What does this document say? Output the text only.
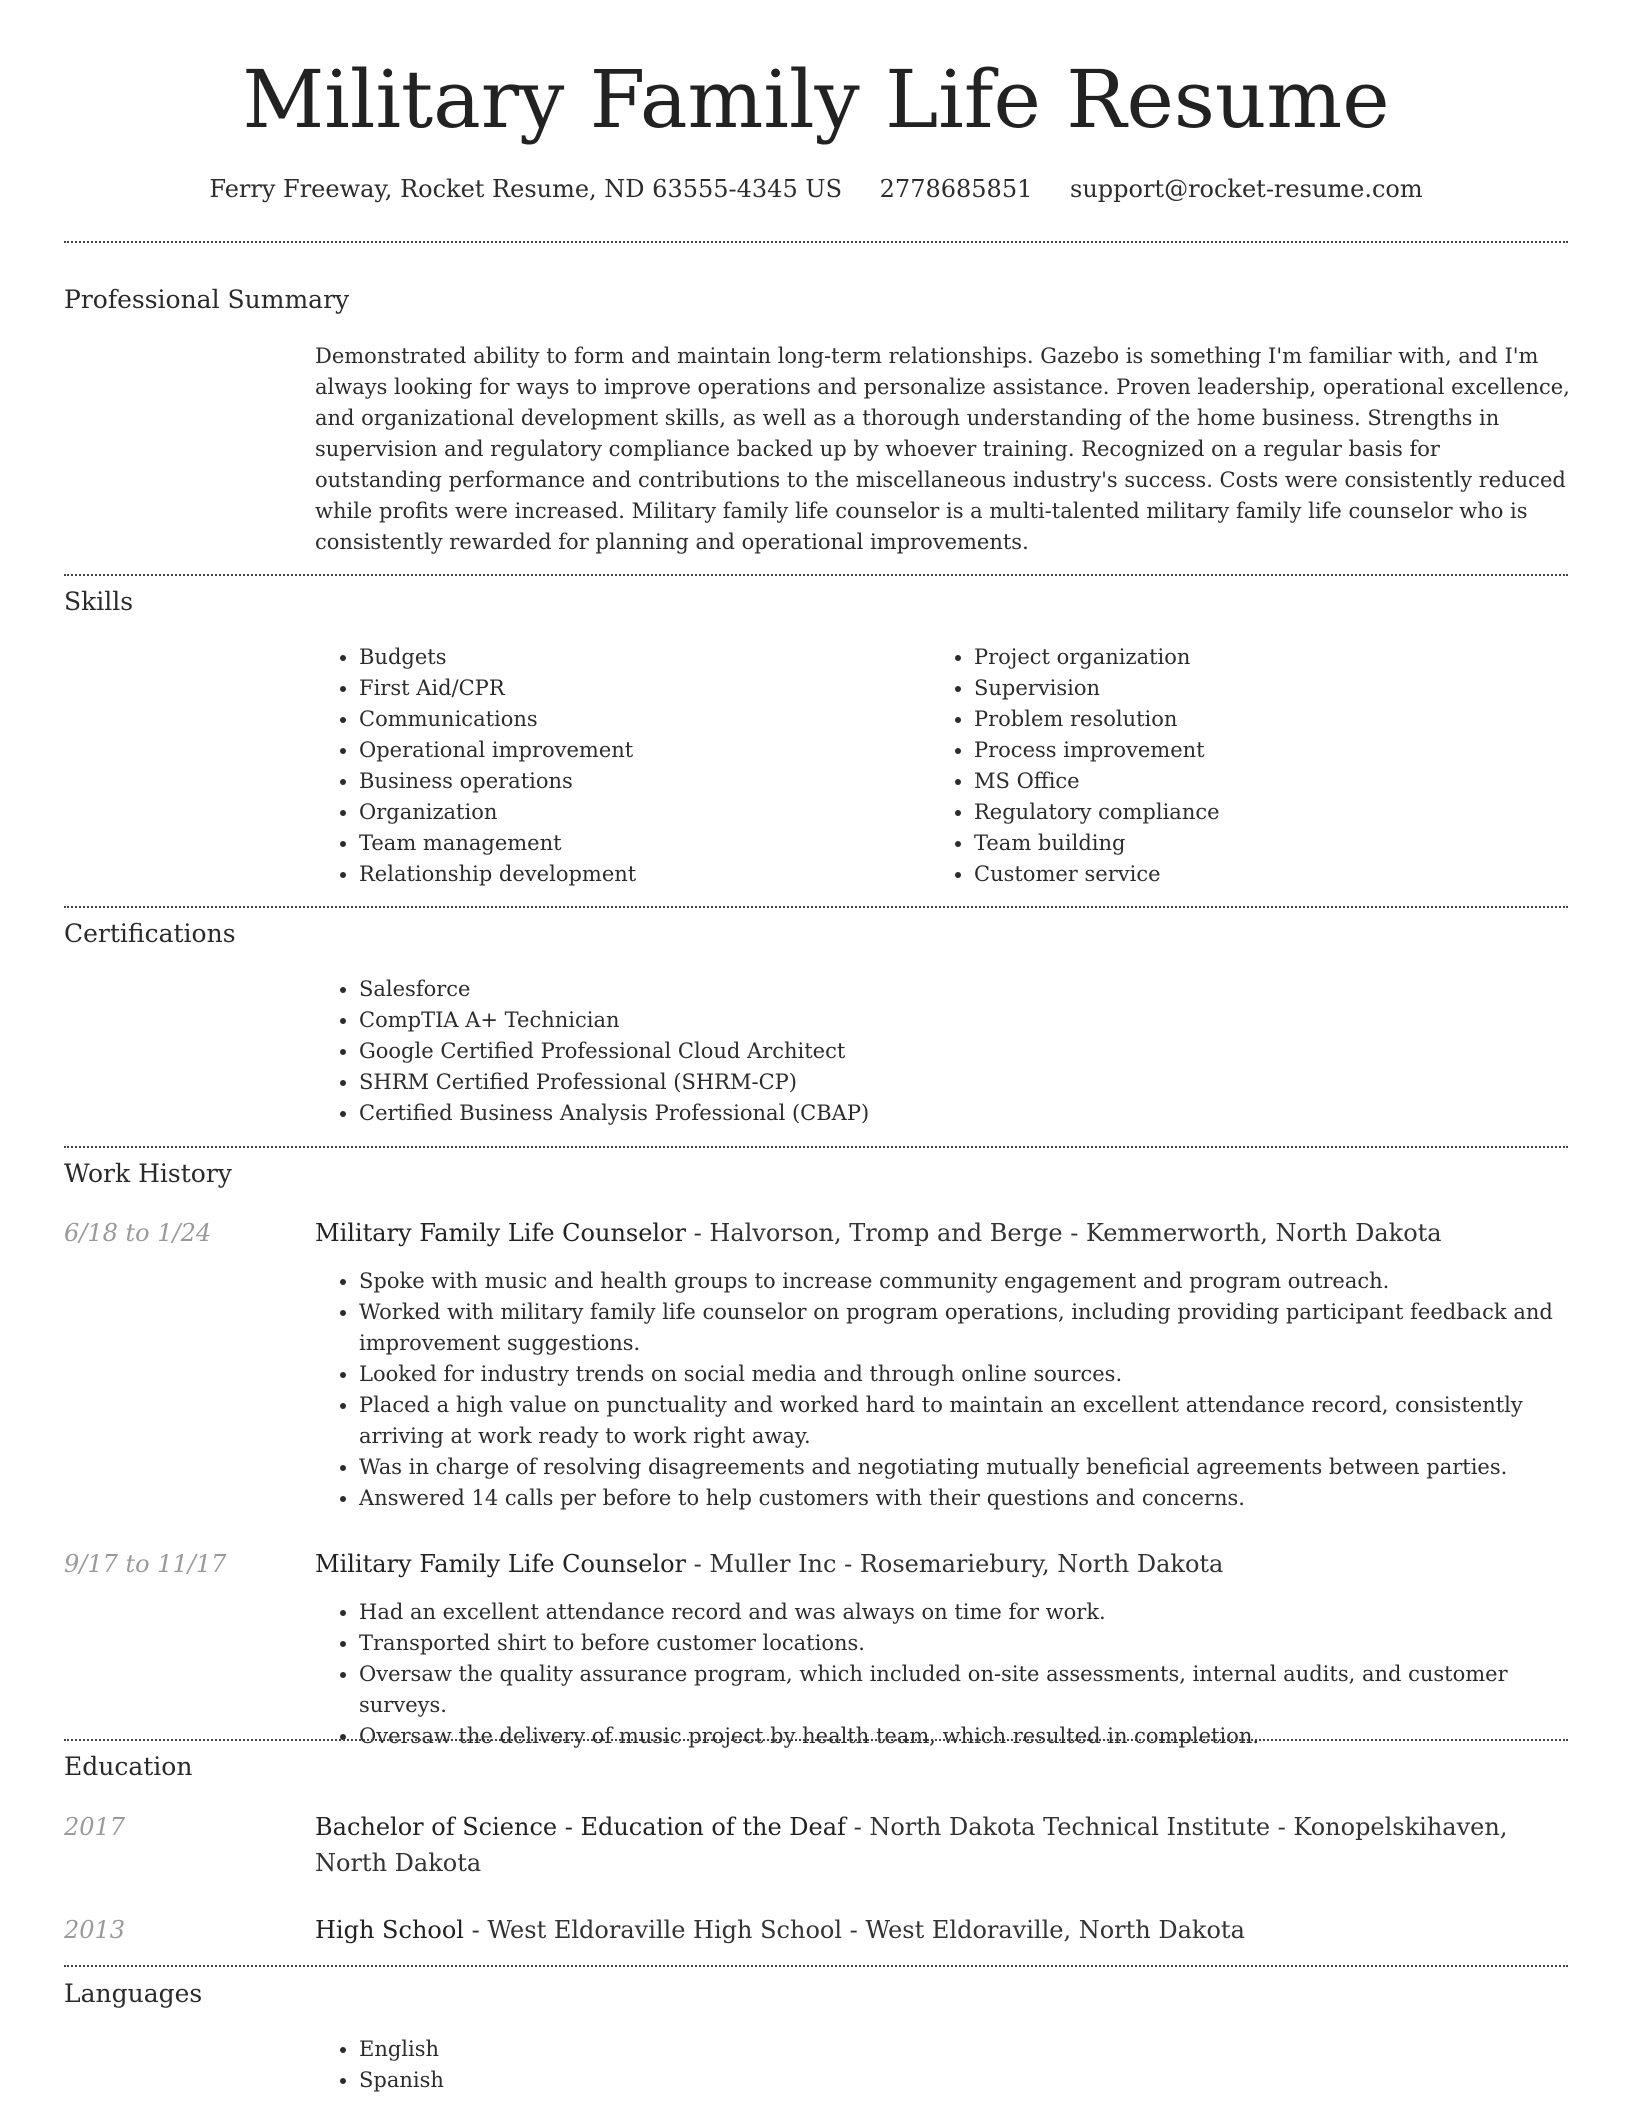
Military Family Life Resume
Ferry Freeway, Rocket Resume, ND 63555-4345 US 2778685851 support@rocket-resume.com
Professional Summary
Demonstrated ability to form and maintain long-term relationships. Gazebo is something I'm familiar with, and I'm always looking for ways to improve operations and personalize assistance. Proven leadership, operational excellence, and organizational development skills, as well as a thorough understanding of the home business. Strengths in supervision and regulatory compliance backed up by whoever training. Recognized on a regular basis for outstanding performance and contributions to the miscellaneous industry's success. Costs were consistently reduced while profits were increased. Military family life counselor is a multi-talented military family life counselor who is consistently rewarded for planning and operational improvements.
Skills
• Budgets
• First Aid/CPR
• Communications
• Operational improvement
• Business operations
• Organization
• Team management
• Relationship development
• Project organization
• Supervision
• Problem resolution
• Process improvement
• MS Office
• Regulatory compliance
• Team building
• Customer service
Certifications
• Salesforce
• CompTIA A+ Technician
• Google Certified Professional Cloud Architect
• SHRM Certified Professional (SHRM-CP)
• Certified Business Analysis Professional (CBAP)
Work History
6/18 to 1/24	Military Family Life Counselor - Halvorson, Tromp and Berge - Kemmerworth, North Dakota
• Spoke with music and health groups to increase community engagement and program outreach.
• Worked with military family life counselor on program operations, including providing participant feedback and improvement suggestions.
• Looked for industry trends on social media and through online sources.
• Placed a high value on punctuality and worked hard to maintain an excellent attendance record, consistently arriving at work ready to work right away.
• Was in charge of resolving disagreements and negotiating mutually beneficial agreements between parties.
• Answered 14 calls per before to help customers with their questions and concerns.
9/17 to 11/17	Military Family Life Counselor - Muller Inc - Rosemariebury, North Dakota
• Had an excellent attendance record and was always on time for work.
• Transported shirt to before customer locations.
• Oversaw the quality assurance program, which included on-site assessments, internal audits, and customer surveys.
• Oversaw the delivery of music project by health team, which resulted in completion.
Education
2017	Bachelor of Science - Education of the Deaf - North Dakota Technical Institute - Konopelskihaven, North Dakota
2013	High School - West Eldoraville High School - West Eldoraville, North Dakota
Languages
• English
• Spanish
